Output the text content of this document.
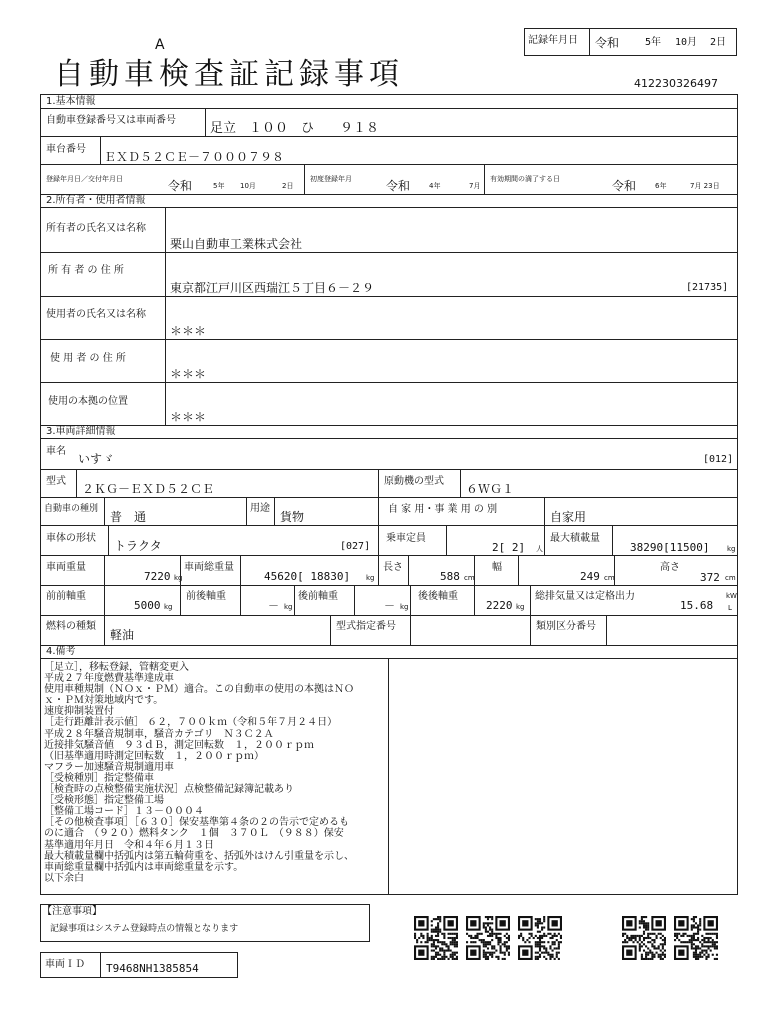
A
自動車検査証記録事項
記録年月日 令和	5年 10月 2日
412230326497
1.基本情報
自動車登録番号又は車両番号
足立　１００　ひ　　９１８
車台番号
ＥＸＤ５２ＣＥ－７０００７９８
登録年月日／交付年月日	令和	5年 10月	2日
初度登録年月	令和	4年	7月
有効期間の満了する日	令和	6年	7月 23日
2.所有者・使用者情報
所有者の氏名又は名称
栗山自動車工業株式会社
所 有 者 の 住 所
東京都江戸川区西瑞江５丁目６－２９	[21735]
使用者の氏名又は名称
＊＊＊
使 用 者 の 住 所
＊＊＊
使用の本拠の位置
＊＊＊
3.車両詳細情報
車名
いすゞ	[012]
型式
２ＫＧ－ＥＸＤ５２ＣＥ
原動機の型式
６ＷＧ１
自動車の種別
普　通
用途
貨物
自 家 用・事 業 用 の 別
自家用
車体の形状
トラクタ	[027]
乗車定員
2[ 2] 人
最大積載量
38290[11500]	kg
車両重量
7220 kg
車両総重量
45620[ 18830] kg
長さ
588 cm
幅
249 cm
高さ
372 cm
前前軸重
5000 kg
前後軸重
－ kg
後前軸重
－ kg
後後軸重
2220 kg
総排気量又は定格出力
15.68
kW
L
燃料の種類
軽油
型式指定番号	類別区分番号
4.備考
［足立］，移転登録，管轄変更入
平成２７年度燃費基準達成車
使用車種規制（ＮＯｘ・ＰＭ）適合。この自動車の使用の本拠はＮＯ
ｘ・ＰＭ対策地域内です。
速度抑制装置付
［走行距離計表示値］ ６２，７００ｋｍ（令和５年７月２４日）
平成２８年騒音規制車，騒音カテゴリ　Ｎ３Ｃ２Ａ
近接排気騒音値　９３ｄＢ，測定回転数　１，２００ｒｐｍ
（旧基準適用時測定回転数　１，２００ｒｐｍ）
マフラー加速騒音規制適用車
［受検種別］指定整備車
［検査時の点検整備実施状況］点検整備記録簿記載あり
［受検形態］指定整備工場
［整備工場コード］１３－０００４
［その他検査事項］［６３０］保安基準第４条の２の告示で定めるも
のに適合　（９２０）燃料タンク　１個　３７０Ｌ　（９８８）保安
基準適用年月日　令和４年６月１３日
最大積載量欄中括弧内は第五輪荷重を、括弧外はけん引重量を示し、
車両総重量欄中括弧内は車両総重量を示す。
以下余白
【注意事項】
記録事項はシステム登録時点の情報となります
車両ＩＤ T9468NH1385854
